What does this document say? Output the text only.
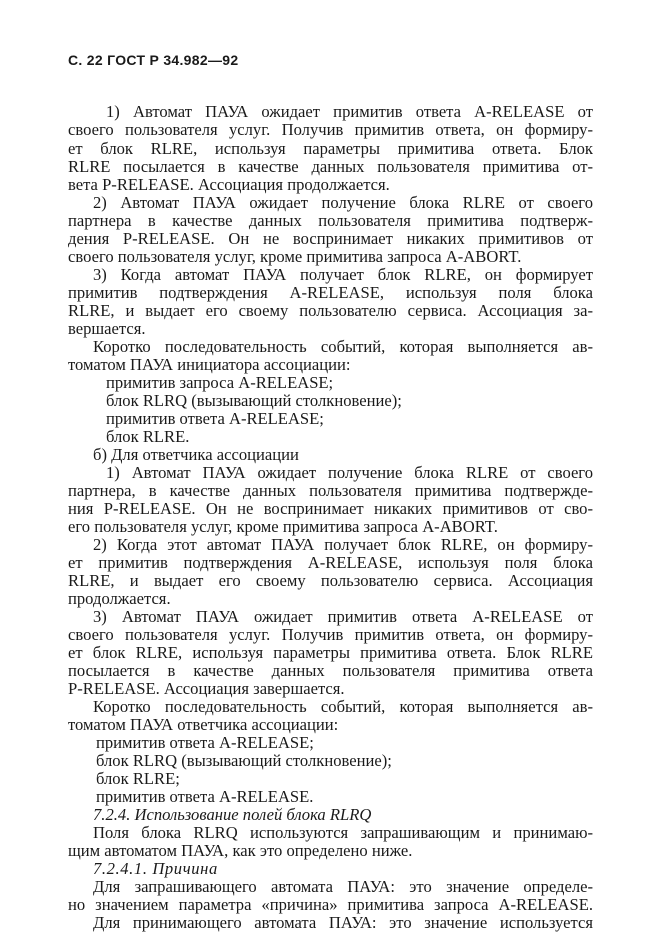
С. 22 ГОСТ Р 34.982—92
1) Автомат ПАУА ожидает примитив ответа A-RELEASE от
своего пользователя услуг. Получив примитив ответа, он формиру-
ет блок RLRE, используя параметры примитива ответа. Блок
RLRE посылается в качестве данных пользователя примитива от-
вета P-RELEASE. Ассоциация продолжается.
2) Автомат ПАУА ожидает получение блока RLRE от своего
партнера в качестве данных пользователя примитива подтверж-
дения P-RELEASE. Он не воспринимает никаких примитивов от
своего пользователя услуг, кроме примитива запроса A-ABORT.
3) Когда автомат ПАУА получает блок RLRE, он формирует
примитив подтверждения A-RELEASE, используя поля блока
RLRE, и выдает его своему пользователю сервиса. Ассоциация за-
вершается.
Коротко последовательность событий, которая выполняется ав-
томатом ПАУА инициатора ассоциации:
примитив запроса A-RELEASE;
блок RLRQ (вызывающий столкновение);
примитив ответа A-RELEASE;
блок RLRE.
б) Для ответчика ассоциации
1) Автомат ПАУА ожидает получение блока RLRE от своего
партнера, в качестве данных пользователя примитива подтвержде-
ния P-RELEASE. Он не воспринимает никаких примитивов от сво-
его пользователя услуг, кроме примитива запроса A-ABORT.
2) Когда этот автомат ПАУА получает блок RLRE, он формиру-
ет примитив подтверждения A-RELEASE, используя поля блока
RLRE, и выдает его своему пользователю сервиса. Ассоциация
продолжается.
3) Автомат ПАУА ожидает примитив ответа A-RELEASE от
своего пользователя услуг. Получив примитив ответа, он формиру-
ет блок RLRE, используя параметры примитива ответа. Блок RLRE
посылается в качестве данных пользователя примитива ответа
P-RELEASE. Ассоциация завершается.
Коротко последовательность событий, которая выполняется ав-
томатом ПАУА ответчика ассоциации:
примитив ответа A-RELEASE;
блок RLRQ (вызывающий столкновение);
блок RLRE;
примитив ответа A-RELEASE.
7.2.4. Использование полей блока RLRQ
Поля блока RLRQ используются запрашивающим и принимаю-
щим автоматом ПАУА, как это определено ниже.
7.2.4.1. Причина
Для запрашивающего автомата ПАУА: это значение определе-
но значением параметра «причина» примитива запроса A-RELEASE.
Для принимающего автомата ПАУА: это значение используется
